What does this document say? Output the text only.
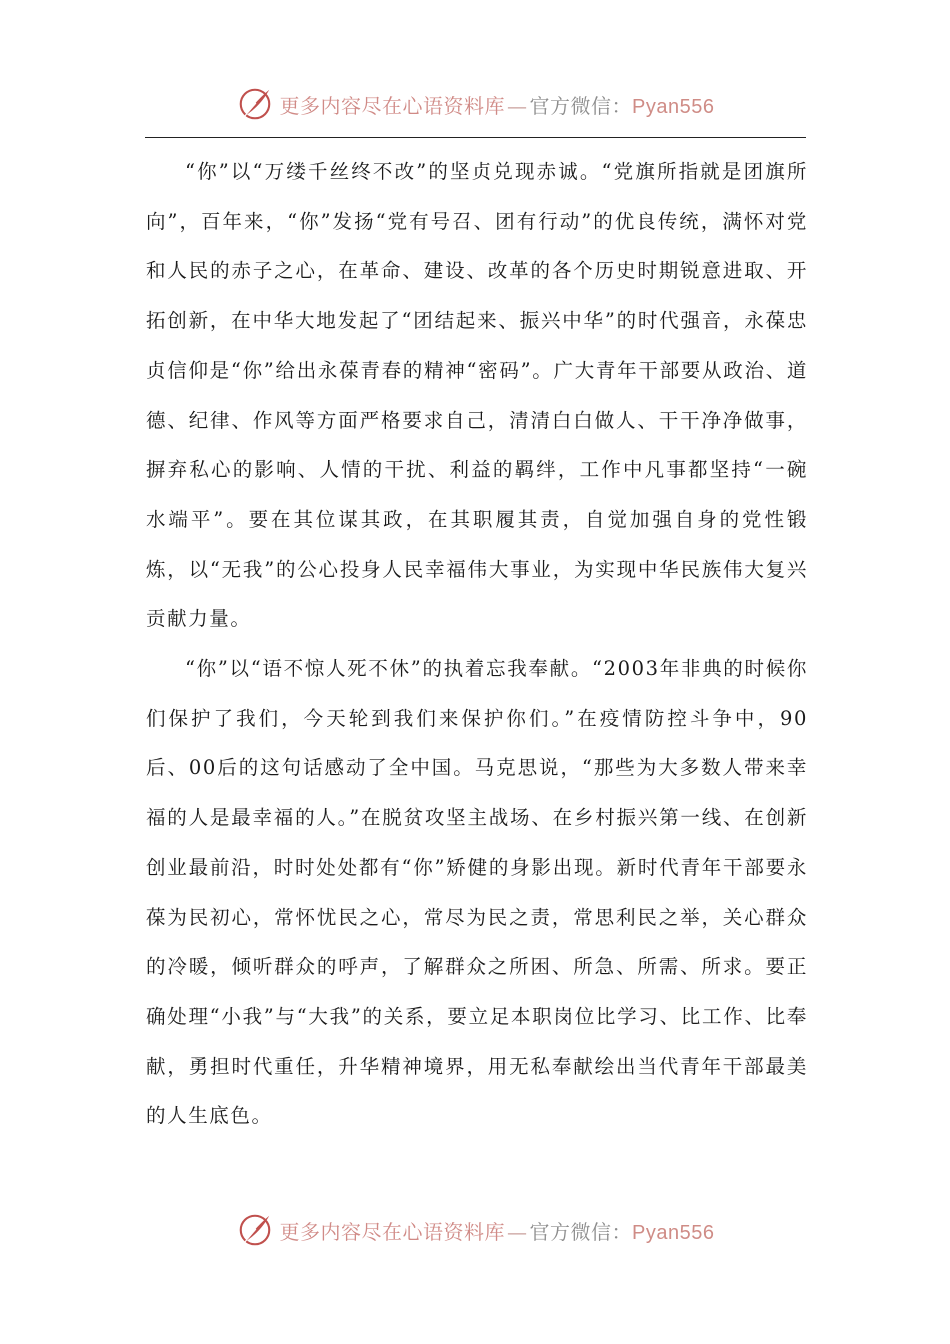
更多内容尽在心语资料库 — 官方微信：Pyan556

“你”以“万缕千丝终不改”的坚贞兑现赤诚。“党旗所指就是团旗所向”，百年来，“你”发扬“党有号召、团有行动”的优良传统，满怀对党和人民的赤子之心，在革命、建设、改革的各个历史时期锐意进取、开拓创新，在中华大地发起了“团结起来、振兴中华”的时代强音，永葆忠贞信仰是“你”给出永葆青春的精神“密码”。广大青年干部要从政治、道德、纪律、作风等方面严格要求自己，清清白白做人、干干净净做事，摒弃私心的影响、人情的干扰、利益的羁绊，工作中凡事都坚持“一碗水端平”。要在其位谋其政，在其职履其责，自觉加强自身的党性锻炼，以“无我”的公心投身人民幸福伟大事业，为实现中华民族伟大复兴贡献力量。

“你”以“语不惊人死不休”的执着忘我奉献。“2003年非典的时候你们保护了我们，今天轮到我们来保护你们。”在疫情防控斗争中，90后、00后的这句话感动了全中国。马克思说，“那些为大多数人带来幸福的人是最幸福的人。”在脱贫攻坚主战场、在乡村振兴第一线、在创新创业最前沿，时时处处都有“你”矫健的身影出现。新时代青年干部要永葆为民初心，常怀忧民之心，常尽为民之责，常思利民之举，关心群众的冷暖，倾听群众的呼声，了解群众之所困、所急、所需、所求。要正确处理“小我”与“大我”的关系，要立足本职岗位比学习、比工作、比奉献，勇担时代重任，升华精神境界，用无私奉献绘出当代青年干部最美的人生底色。

更多内容尽在心语资料库 — 官方微信：Pyan556
